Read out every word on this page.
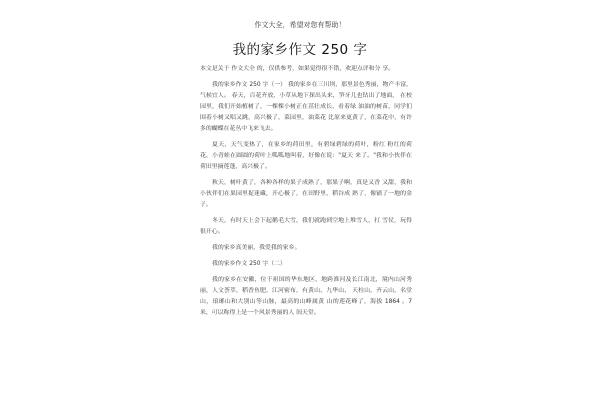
作文大全，希望对您有帮助！
我的家乡作文 250 字

本文是关于 作文大全 的，仅供参考，如果觉得很不错，欢迎点评和分 享。

我的家乡作文 250 字（一） 我的家乡在三川坝，那里景色秀丽，物产丰富，气候宜人。 春天，百花齐放，小草从地下探出头来，笋牙儿也钻出了地面， 在校园里，我们开始植树了，一棵棵小树正在茁壮成长，看着绿 油油的树苗，同学们围着小树又唱又跳，高兴极了，菜园里，油菜花 比原来更黄了，在菜花中，有许多的蝴蝶在花丛中飞来飞去。

夏天，天气变热了，在家乡的荷田里，有碧绿碧绿的荷叶，粉红 粉红的荷花，小青蛙在圆圆的荷叶上呱呱地叫着，好像在说："夏天 来了。"我和小伙伴在荷田里摘莲蓬，高兴极了。

秋天，树叶黄了，各种各样的果子成熟了，那果子啊，真是又香 又甜，我和小伙伴们在果园里捉迷藏，开心极了，在田野里，稻谷成 熟了，像铺了一地的金子。

冬天，有时天上会下起鹅毛大雪，我们就跑到空地上堆雪人，打 雪仗，玩得很开心。

我的家乡真美丽，我爱我的家乡。

我的家乡作文 250 字（二）

我的家乡在安徽，位于祖国的华东地区，地跨淮河及长江南北，境内山河秀丽，人文荟萃，稻香鱼肥，江河密布，有黄山、九华山、 天柱山，齐云山，名堂山，琅琊山和大别山等山脉，最高的山峰属黄 山的莲花峰了，海拔 1864 。7 米，可以称得上是一个风景秀丽的人 间天堂。
